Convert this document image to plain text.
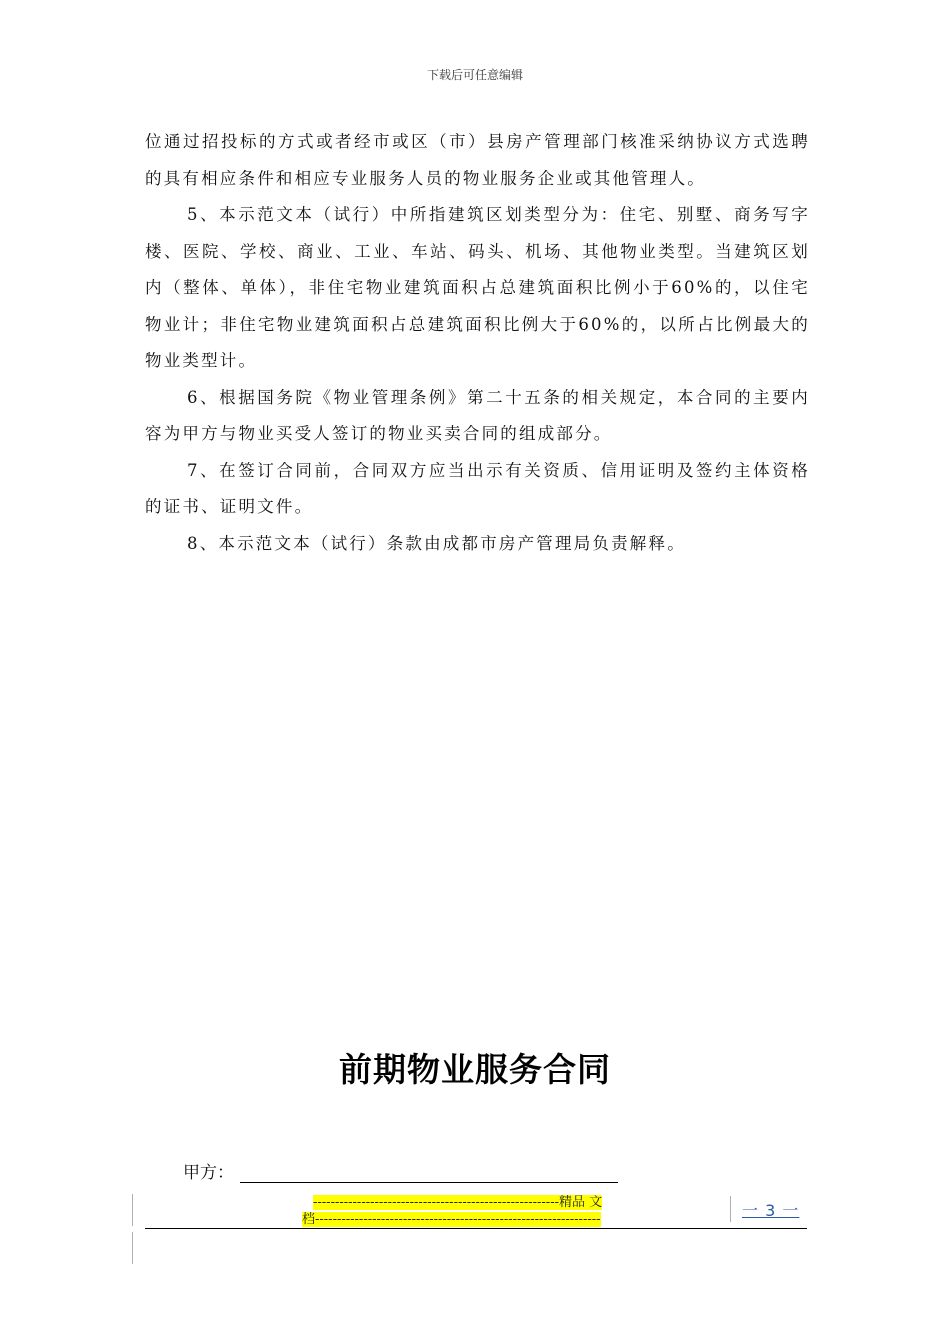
下载后可任意编辑

位通过招投标的方式或者经市或区（市）县房产管理部门核准采纳协议方式选聘的具有相应条件和相应专业服务人员的物业服务企业或其他管理人。

5、本示范文本（试行）中所指建筑区划类型分为：住宅、别墅、商务写字楼、医院、学校、商业、工业、车站、码头、机场、其他物业类型。当建筑区划内（整体、单体），非住宅物业建筑面积占总建筑面积比例小于60%的，以住宅物业计；非住宅物业建筑面积占总建筑面积比例大于60%的，以所占比例最大的物业类型计。

6、根据国务院《物业管理条例》第二十五条的相关规定，本合同的主要内容为甲方与物业买受人签订的物业买卖合同的组成部分。

7、在签订合同前，合同双方应当出示有关资质、信用证明及签约主体资格的证书、证明文件。

8、本示范文本（试行）条款由成都市房产管理局负责解释。

前期物业服务合同
甲方：
--------------------------------------------------------精品 文
档-----------------------------------------------------------------	一 3 一
